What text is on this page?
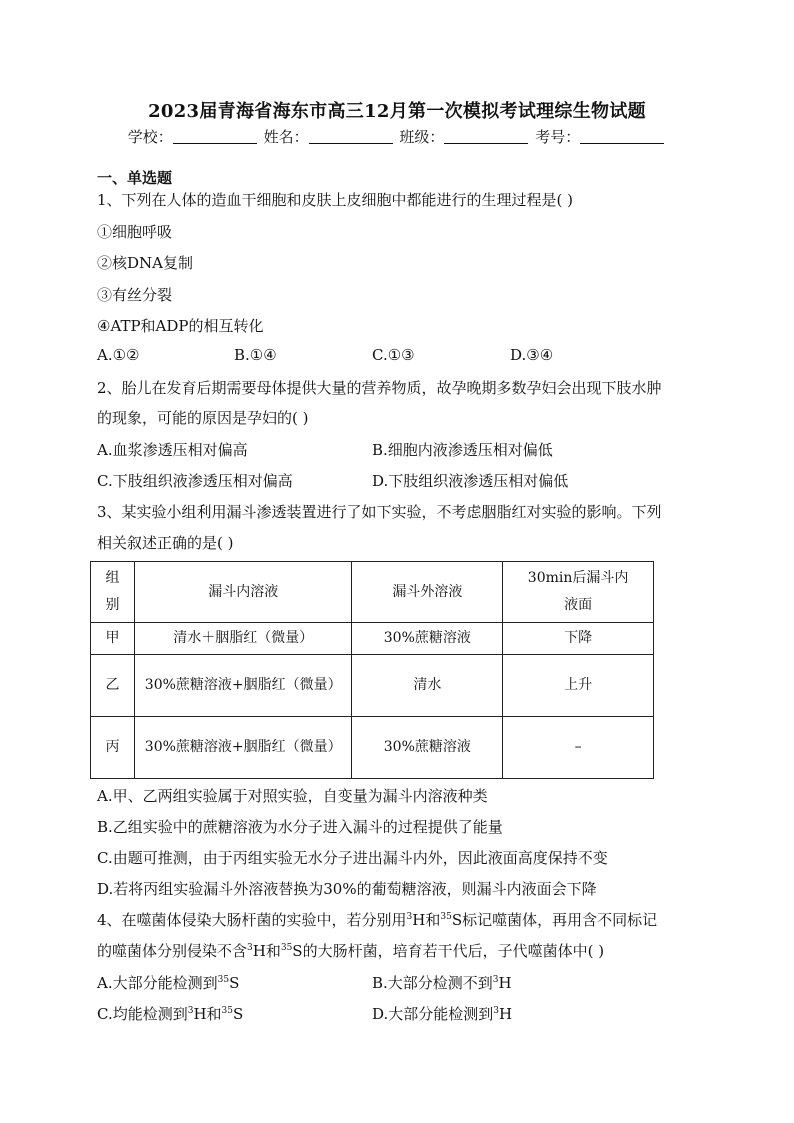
2023届青海省海东市高三12月第一次模拟考试理综生物试题
学校：	姓名：	班级：	考号：
一、单选题
1、下列在人体的造血干细胞和皮肤上皮细胞中都能进行的生理过程是( )
①细胞呼吸
②核DNA复制
③有丝分裂
④ATP和ADP的相互转化
A.①②	B.①④	C.①③	D.③④
2、胎儿在发育后期需要母体提供大量的营养物质，故孕晚期多数孕妇会出现下肢水肿
的现象，可能的原因是孕妇的( )
A.血浆渗透压相对偏高	B.细胞内液渗透压相对偏低
C.下肢组织液渗透压相对偏高	D.下肢组织液渗透压相对偏低
3、某实验小组利用漏斗渗透装置进行了如下实验，不考虑胭脂红对实验的影响。下列
相关叙述正确的是( )
组别	漏斗内溶液	漏斗外溶液	30min后漏斗内液面
甲	清水＋胭脂红（微量）	30%蔗糖溶液	下降
乙	30%蔗糖溶液+胭脂红（微量）	清水	上升
丙	30%蔗糖溶液+胭脂红（微量）	30%蔗糖溶液	–
A.甲、乙两组实验属于对照实验，自变量为漏斗内溶液种类
B.乙组实验中的蔗糖溶液为水分子进入漏斗的过程提供了能量
C.由题可推测，由于丙组实验无水分子进出漏斗内外，因此液面高度保持不变
D.若将丙组实验漏斗外溶液替换为30%的葡萄糖溶液，则漏斗内液面会下降
4、在噬菌体侵染大肠杆菌的实验中，若分别用$^3$H和$^{35}$S标记噬菌体，再用含不同标记
的噬菌体分别侵染不含$^3$H和$^{35}$S的大肠杆菌，培育若干代后，子代噬菌体中( )
A.大部分能检测到$^{35}$S	B.大部分检测不到$^3$H
C.均能检测到$^3$H和$^{35}$S	D.大部分能检测到$^3$H
